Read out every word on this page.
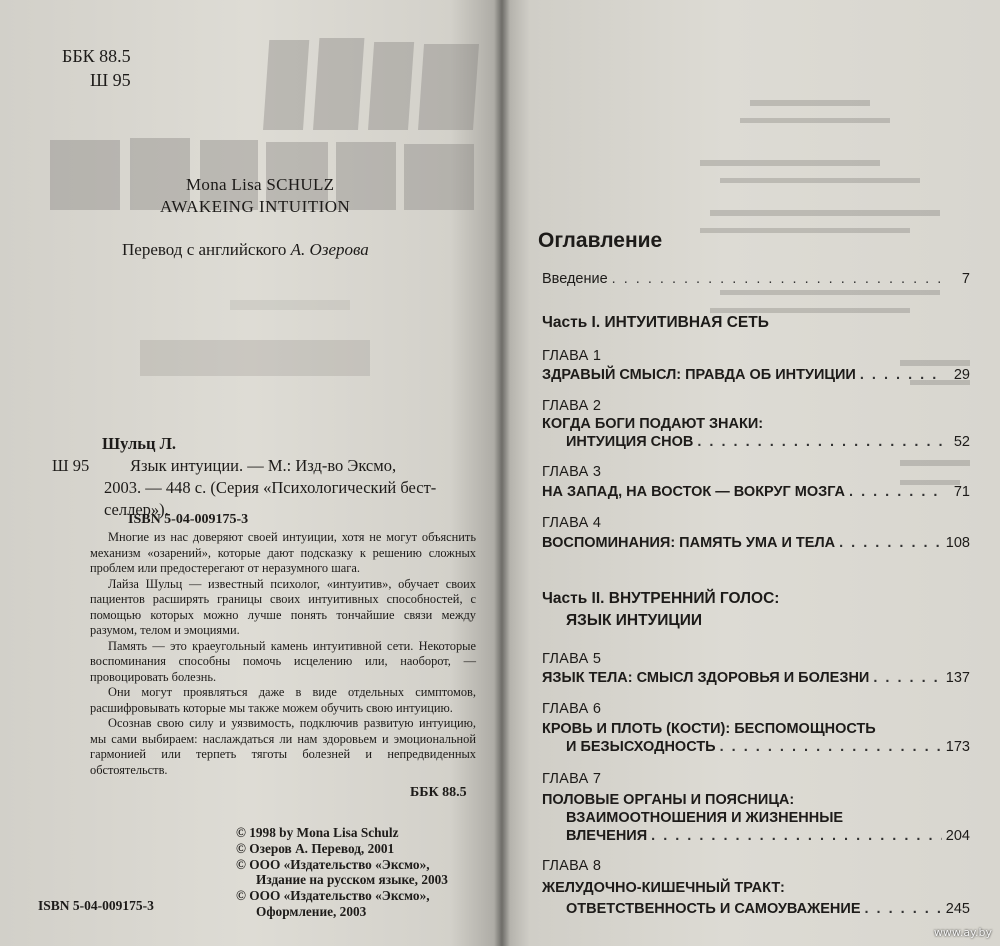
ББК 88.5
Ш 95
Mona Lisa SCHULZ
AWAKEING INTUITION
Перевод с английского А. Озерова
Шульц Л.
Ш 95 Язык интуиции. — М.: Изд-во Эксмо,
2003. — 448 с. (Серия «Психологический бест-
селлер»).
ISBN 5-04-009175-3

Многие из нас доверяют своей интуиции, хотя не могут объяснить механизм «озарений», которые дают подсказку к решению сложных проблем или предостерегают от неразумного шага.

Лайза Шульц — известный психолог, «интуитив», обучает своих пациентов расширять границы своих интуитивных способностей, с помощью которых можно лучше понять тончайшие связи между разумом, телом и эмоциями.

Память — это краеугольный камень интуитивной сети. Некоторые воспоминания способны помочь исцелению или, наоборот, — провоцировать болезнь.

Они могут проявляться даже в виде отдельных симптомов, расшифровывать которые мы также можем обучить свою интуицию.

Осознав свою силу и уязвимость, подключив развитую интуицию, мы сами выбираем: наслаждаться ли нам здоровьем и эмоциональной гармонией или терпеть тяготы болезней и непредвиденных обстоятельств.

ББК 88.5
© 1998 by Mona Lisa Schulz
© Озеров А. Перевод, 2001
© ООО «Издательство «Эксмо»,
Издание на русском языке, 2003
© ООО «Издательство «Эксмо»,
Оформление, 2003
ISBN 5-04-009175-3
Оглавление
Введение . . .	7
Часть I. ИНТУИТИВНАЯ СЕТЬ
ГЛАВА 1
ЗДРАВЫЙ СМЫСЛ: ПРАВДА ОБ ИНТУИЦИИ . . .	29
ГЛАВА 2
КОГДА БОГИ ПОДАЮТ ЗНАКИ:
ИНТУИЦИЯ СНОВ . . .	52
ГЛАВА 3
НА ЗАПАД, НА ВОСТОК — ВОКРУГ МОЗГА . . .	71
ГЛАВА 4
ВОСПОМИНАНИЯ: ПАМЯТЬ УМА И ТЕЛА . . .	108
Часть II. ВНУТРЕННИЙ ГОЛОС:
ЯЗЫК ИНТУИЦИИ
ГЛАВА 5
ЯЗЫК ТЕЛА: СМЫСЛ ЗДОРОВЬЯ И БОЛЕЗНИ . . .	137
ГЛАВА 6
КРОВЬ И ПЛОТЬ (КОСТИ): БЕСПОМОЩНОСТЬ
И БЕЗЫСХОДНОСТЬ . . .	173
ГЛАВА 7
ПОЛОВЫЕ ОРГАНЫ И ПОЯСНИЦА:
ВЗАИМООТНОШЕНИЯ И ЖИЗНЕННЫЕ
ВЛЕЧЕНИЯ . . .	204
ГЛАВА 8
ЖЕЛУДОЧНО-КИШЕЧНЫЙ ТРАКТ:
ОТВЕТСТВЕННОСТЬ И САМОУВАЖЕНИЕ . . .	245
www.ay.by
